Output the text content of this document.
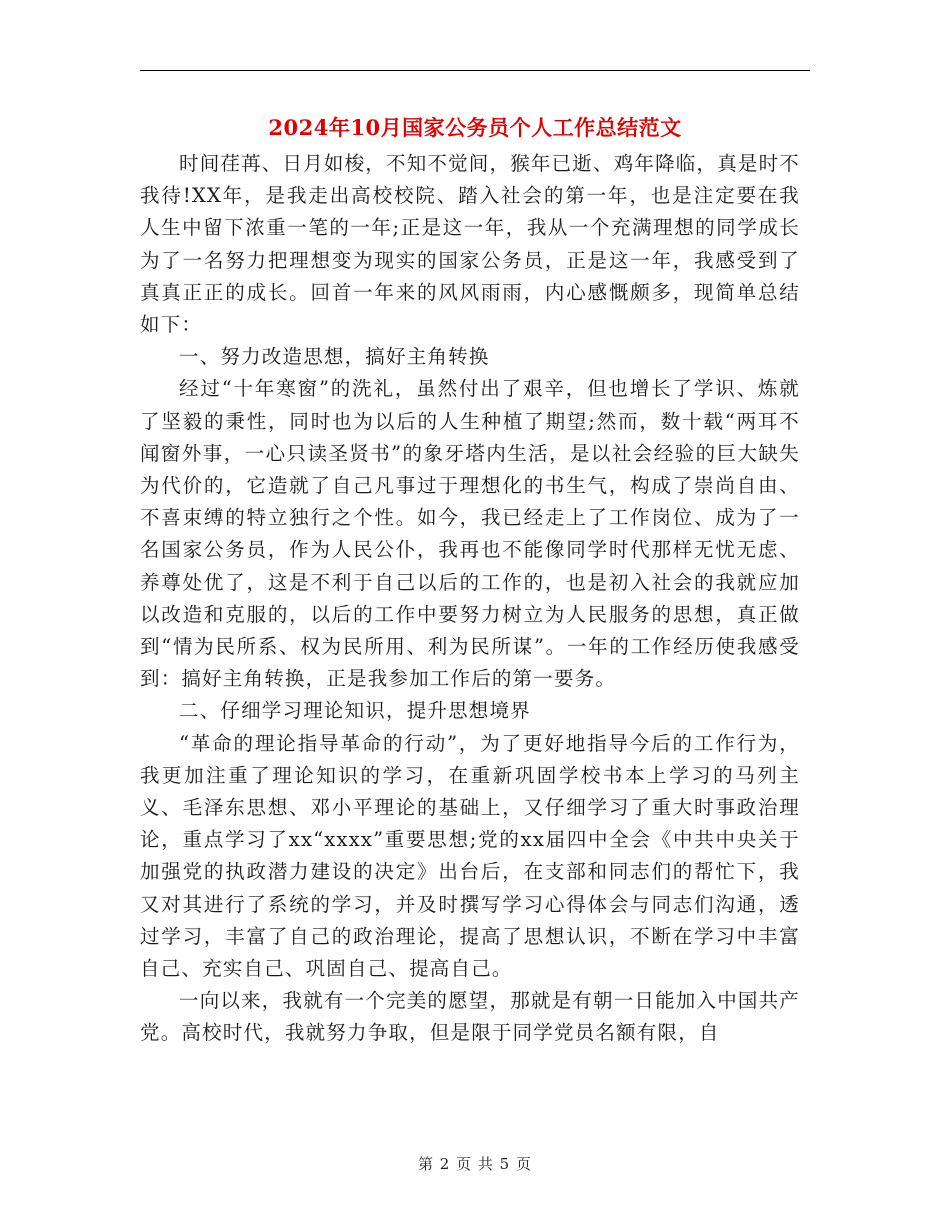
2024年10月国家公务员个人工作总结范文

时间荏苒、日月如梭，不知不觉间，猴年已逝、鸡年降临，真是时不我待!XX年，是我走出高校校院、踏入社会的第一年，也是注定要在我人生中留下浓重一笔的一年;正是这一年，我从一个充满理想的同学成长为了一名努力把理想变为现实的国家公务员，正是这一年，我感受到了真真正正的成长。回首一年来的风风雨雨，内心感慨颇多，现简单总结如下：

一、努力改造思想，搞好主角转换

经过“十年寒窗”的洗礼，虽然付出了艰辛，但也增长了学识、炼就了坚毅的秉性，同时也为以后的人生种植了期望;然而，数十载“两耳不闻窗外事，一心只读圣贤书”的象牙塔内生活，是以社会经验的巨大缺失为代价的，它造就了自己凡事过于理想化的书生气，构成了崇尚自由、不喜束缚的特立独行之个性。如今，我已经走上了工作岗位、成为了一名国家公务员，作为人民公仆，我再也不能像同学时代那样无忧无虑、养尊处优了，这是不利于自己以后的工作的，也是初入社会的我就应加以改造和克服的，以后的工作中要努力树立为人民服务的思想，真正做到“情为民所系、权为民所用、利为民所谋”。一年的工作经历使我感受到：搞好主角转换，正是我参加工作后的第一要务。

二、仔细学习理论知识，提升思想境界

“革命的理论指导革命的行动”，为了更好地指导今后的工作行为，我更加注重了理论知识的学习，在重新巩固学校书本上学习的马列主义、毛泽东思想、邓小平理论的基础上，又仔细学习了重大时事政治理论，重点学习了xx“xxxx”重要思想;党的xx届四中全会《中共中央关于加强党的执政潜力建设的决定》出台后，在支部和同志们的帮忙下，我又对其进行了系统的学习，并及时撰写学习心得体会与同志们沟通，透过学习，丰富了自己的政治理论，提高了思想认识，不断在学习中丰富自己、充实自己、巩固自己、提高自己。

一向以来，我就有一个完美的愿望，那就是有朝一日能加入中国共产党。高校时代，我就努力争取，但是限于同学党员名额有限，自

第 2 页 共 5 页
